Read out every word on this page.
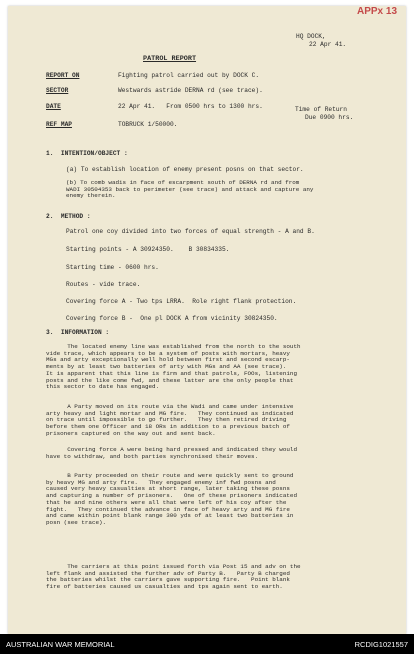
APPx 13
HQ DOCK,
22 Apr 41.
PATROL REPORT
REPORT ON	Fighting patrol carried out by DOCK C.
SECTOR	Westwards astride DERNA rd (see trace).
DATE	22 Apr 41.   From 0500 hrs to 1300 hrs.	Time of Return
Due 0900 hrs.
REF MAP	TOBRUCK 1/50000.
1.  INTENTION/OBJECT :
(a) To establish location of enemy present posns on that sector.
(b) To comb wadis in face of escarpment south of DERNA rd and from
WADI 30504353 back to perimeter (see trace) and attack and capture any
enemy therein.
2.  METHOD :
Patrol one coy divided into two forces of equal strength - A and B.
Starting points - A 30924350.    B 30834335.
Starting time - 0600 hrs.
Routes - vide trace.
Covering force A - Two tps LRRA.  Role right flank protection.
Covering force B -  One pl DOCK A from vicinity 30824350.
3.  INFORMATION :
The located enemy line was established from the north to the south
vide trace, which appears to be a system of posts with mortars, heavy
MGs and arty exceptionally well hold between first and second escarp-
ments by at least two batteries of arty with MGs and AA (see trace).
It is apparent that this line is firm and that patrols, FOOs, listening
posts and the like come fwd, and these latter are the only people that
this sector to date has engaged.
A Party moved on its route via the Wadi and came under intensive
arty heavy and light mortar and MG fire.   They continued as indicated
on trace until impossible to go further.   They then retired driving
before them one Officer and 18 ORs in addition to a previous batch of
prisoners captured on the way out and sent back.
Covering force A were being hard pressed and indicated they would
have to withdraw, and both parties synchronised their moves.
B Party proceeded on their route and were quickly sent to ground
by heavy MG and arty fire.   They engaged enemy inf fwd posns and
caused very heavy casualties at short range, later taking these posns
and capturing a number of prisoners.   One of these prisoners indicated
that he and nine others were all that were left of his coy after the
fight.   They continued the advance in face of heavy arty and MG fire
and came within point blank range 300 yds of at least two batteries in
posn (see trace).
The carriers at this point issued forth via Post 15 and adv on the
left flank and assisted the further adv of Party B.   Party B charged
the batteries whilst the carriers gave supporting fire.   Point blank
fire of batteries caused us casualties and tps again sent to earth.
AUSTRALIAN WAR MEMORIAL	RCDIG1021557
